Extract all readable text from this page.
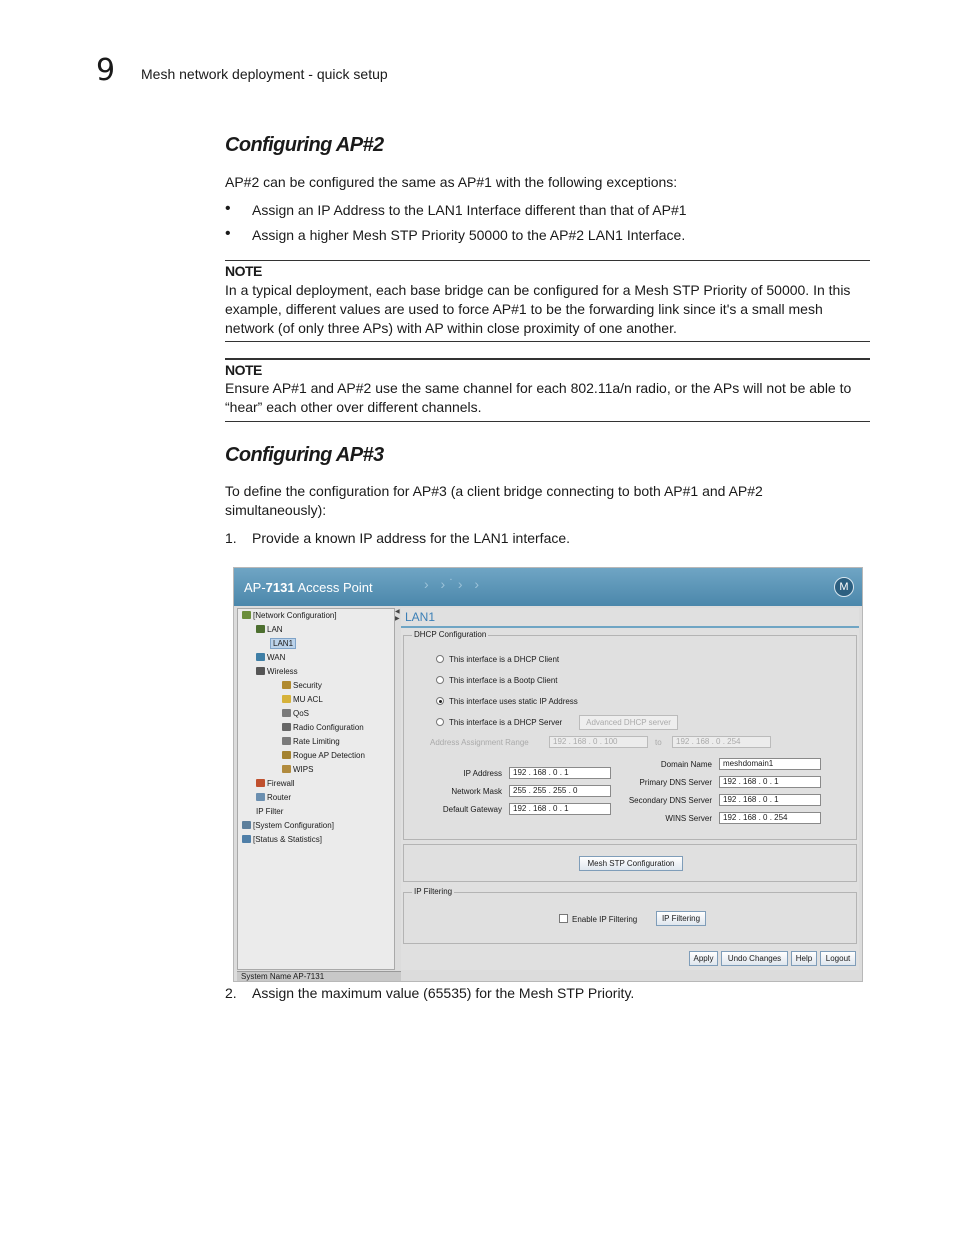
9 Mesh network deployment - quick setup
Configuring AP#2
AP#2 can be configured the same as AP#1 with the following exceptions:
• Assign an IP Address to the LAN1 Interface different than that of AP#1
• Assign a higher Mesh STP Priority 50000 to the AP#2 LAN1 Interface.
NOTE
In a typical deployment, each base bridge can be configured for a Mesh STP Priority of 50000. In this example, different values are used to force AP#1 to be the forwarding link since it's a small mesh network (of only three APs) with AP within close proximity of one another.
NOTE
Ensure AP#1 and AP#2 use the same channel for each 802.11a/n radio, or the APs will not be able to “hear” each other over different channels.
Configuring AP#3
To define the configuration for AP#3 (a client bridge connecting to both AP#1 and AP#2 simultaneously):
1. Provide a known IP address for the LAN1 interface.
AP-7131 Access Point	› ›˙› ›	M
[Network Configuration]
LAN
LAN1
WAN
Wireless
Security
MU ACL
QoS
Radio Configuration
Rate Limiting
Rogue AP Detection
WIPS
Firewall
Router
IP Filter
[System Configuration]
[Status & Statistics]
◀
▶ LAN1
DHCP Configuration
This interface is a DHCP Client
This interface is a Bootp Client
This interface uses static IP Address
This interface is a DHCP Server	Advanced DHCP server
Address Assignment Range	192 . 168 . 0 . 100	to	192 . 168 . 0 . 254
IP Address	192 . 168 . 0 . 1
Network Mask	255 . 255 . 255 . 0
Default Gateway	192 . 168 . 0 . 1
Domain Name	meshdomain1
Primary DNS Server	192 . 168 . 0 . 1
Secondary DNS Server	192 . 168 . 0 . 1
WINS Server	192 . 168 . 0 . 254
Mesh STP Configuration
IP Filtering
Enable IP Filtering	IP Filtering
Apply	Undo Changes	Help	Logout
System Name AP-7131
2. Assign the maximum value (65535) for the Mesh STP Priority.
